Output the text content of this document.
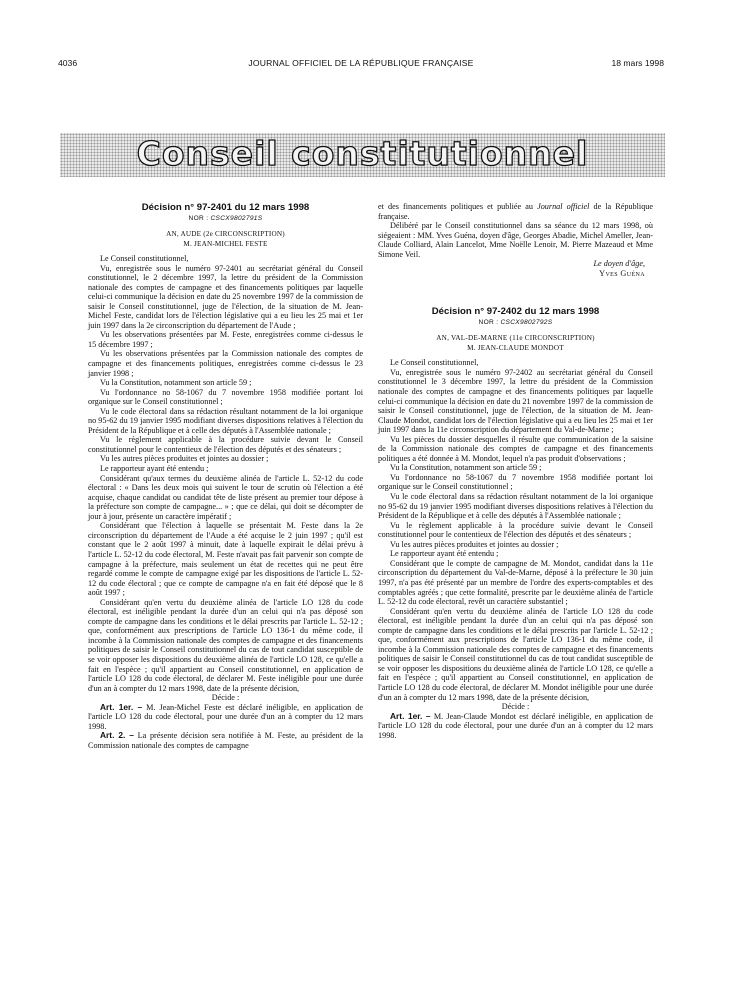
4036	JOURNAL OFFICIEL DE LA RÉPUBLIQUE FRANÇAISE	18 mars 1998
Conseil constitutionnel
Décision n° 97-2401 du 12 mars 1998
NOR : CSCX9802791S
AN, AUDE (2e CIRCONSCRIPTION)
M. JEAN-MICHEL FESTE

Le Conseil constitutionnel,

Vu, enregistrée sous le numéro 97-2401 au secrétariat général du Conseil constitutionnel, le 2 décembre 1997, la lettre du président de la Commission nationale des comptes de campagne et des financements politiques par laquelle celui-ci communique la décision en date du 25 novembre 1997 de la commission de saisir le Conseil constitutionnel, juge de l'élection, de la situation de M. Jean-Michel Feste, candidat lors de l'élection législative qui a eu lieu les 25 mai et 1er juin 1997 dans la 2e circonscription du département de l'Aude ;

Vu les observations présentées par M. Feste, enregistrées comme ci-dessus le 15 décembre 1997 ;

Vu les observations présentées par la Commission nationale des comptes de campagne et des financements politiques, enregistrées comme ci-dessus le 23 janvier 1998 ;

Vu la Constitution, notamment son article 59 ;

Vu l'ordonnance no 58-1067 du 7 novembre 1958 modifiée portant loi organique sur le Conseil constitutionnel ;

Vu le code électoral dans sa rédaction résultant notamment de la loi organique no 95-62 du 19 janvier 1995 modifiant diverses dispositions relatives à l'élection du Président de la République et à celle des députés à l'Assemblée nationale ;

Vu le règlement applicable à la procédure suivie devant le Conseil constitutionnel pour le contentieux de l'élection des députés et des sénateurs ;

Vu les autres pièces produites et jointes au dossier ;

Le rapporteur ayant été entendu ;

Considérant qu'aux termes du deuxième alinéa de l'article L. 52-12 du code électoral : « Dans les deux mois qui suivent le tour de scrutin où l'élection a été acquise, chaque candidat ou candidat tête de liste présent au premier tour dépose à la préfecture son compte de campagne... » ; que ce délai, qui doit se décompter de jour à jour, présente un caractère impératif ;

Considérant que l'élection à laquelle se présentait M. Feste dans la 2e circonscription du département de l'Aude a été acquise le 2 juin 1997 ; qu'il est constant que le 2 août 1997 à minuit, date à laquelle expirait le délai prévu à l'article L. 52-12 du code électoral, M. Feste n'avait pas fait parvenir son compte de campagne à la préfecture, mais seulement un état de recettes qui ne peut être regardé comme le compte de campagne exigé par les dispositions de l'article L. 52-12 du code électoral ; que ce compte de campagne n'a en fait été déposé que le 8 août 1997 ;

Considérant qu'en vertu du deuxième alinéa de l'article LO 128 du code électoral, est inéligible pendant la durée d'un an celui qui n'a pas déposé son compte de campagne dans les conditions et le délai prescrits par l'article L. 52-12 ; que, conformément aux prescriptions de l'article LO 136-1 du même code, il incombe à la Commission nationale des comptes de campagne et des financements politiques de saisir le Conseil constitutionnel du cas de tout candidat susceptible de se voir opposer les dispositions du deuxième alinéa de l'article LO 128, ce qu'elle a fait en l'espèce ; qu'il appartient au Conseil constitutionnel, en application de l'article LO 128 du code électoral, de déclarer M. Feste inéligible pour une durée d'un an à compter du 12 mars 1998, date de la présente décision,

Décide :

Art. 1er. – M. Jean-Michel Feste est déclaré inéligible, en application de l'article LO 128 du code électoral, pour une durée d'un an à compter du 12 mars 1998.

Art. 2. – La présente décision sera notifiée à M. Feste, au président de la Commission nationale des comptes de campagne

et des financements politiques et publiée au Journal officiel de la République française.

Délibéré par le Conseil constitutionnel dans sa séance du 12 mars 1998, où siégeaient : MM. Yves Guéna, doyen d'âge, Georges Abadie, Michel Ameller, Jean-Claude Colliard, Alain Lancelot, Mme Noëlle Lenoir, M. Pierre Mazeaud et Mme Simone Veil.

Le doyen d'âge,

Yves Guéna

Décision n° 97-2402 du 12 mars 1998
NOR : CSCX9802792S
AN, VAL-DE-MARNE (11e CIRCONSCRIPTION)
M. JEAN-CLAUDE MONDOT

Le Conseil constitutionnel,

Vu, enregistrée sous le numéro 97-2402 au secrétariat général du Conseil constitutionnel le 3 décembre 1997, la lettre du président de la Commission nationale des comptes de campagne et des financements politiques par laquelle celui-ci communique la décision en date du 21 novembre 1997 de la commission de saisir le Conseil constitutionnel, juge de l'élection, de la situation de M. Jean-Claude Mondot, candidat lors de l'élection législative qui a eu lieu les 25 mai et 1er juin 1997 dans la 11e circonscription du département du Val-de-Marne ;

Vu les pièces du dossier desquelles il résulte que communication de la saisine de la Commission nationale des comptes de campagne et des financements politiques a été donnée à M. Mondot, lequel n'a pas produit d'observations ;

Vu la Constitution, notamment son article 59 ;

Vu l'ordonnance no 58-1067 du 7 novembre 1958 modifiée portant loi organique sur le Conseil constitutionnel ;

Vu le code électoral dans sa rédaction résultant notamment de la loi organique no 95-62 du 19 janvier 1995 modifiant diverses dispositions relatives à l'élection du Président de la République et à celle des députés à l'Assemblée nationale ;

Vu le règlement applicable à la procédure suivie devant le Conseil constitutionnel pour le contentieux de l'élection des députés et des sénateurs ;

Vu les autres pièces produites et jointes au dossier ;

Le rapporteur ayant été entendu ;

Considérant que le compte de campagne de M. Mondot, candidat dans la 11e circonscription du département du Val-de-Marne, déposé à la préfecture le 30 juin 1997, n'a pas été présenté par un membre de l'ordre des experts-comptables et des comptables agréés ; que cette formalité, prescrite par le deuxième alinéa de l'article L. 52-12 du code électoral, revêt un caractère substantiel ;

Considérant qu'en vertu du deuxième alinéa de l'article LO 128 du code électoral, est inéligible pendant la durée d'un an celui qui n'a pas déposé son compte de campagne dans les conditions et le délai prescrits par l'article L. 52-12 ; que, conformément aux prescriptions de l'article LO 136-1 du même code, il incombe à la Commission nationale des comptes de campagne et des financements politiques de saisir le Conseil constitutionnel du cas de tout candidat susceptible de se voir opposer les dispositions du deuxième alinéa de l'article LO 128, ce qu'elle a fait en l'espèce ; qu'il appartient au Conseil constitutionnel, en application de l'article LO 128 du code électoral, de déclarer M. Mondot inéligible pour une durée d'un an à compter du 12 mars 1998, date de la présente décision,

Décide :

Art. 1er. – M. Jean-Claude Mondot est déclaré inéligible, en application de l'article LO 128 du code électoral, pour une durée d'un an à compter du 12 mars 1998.
